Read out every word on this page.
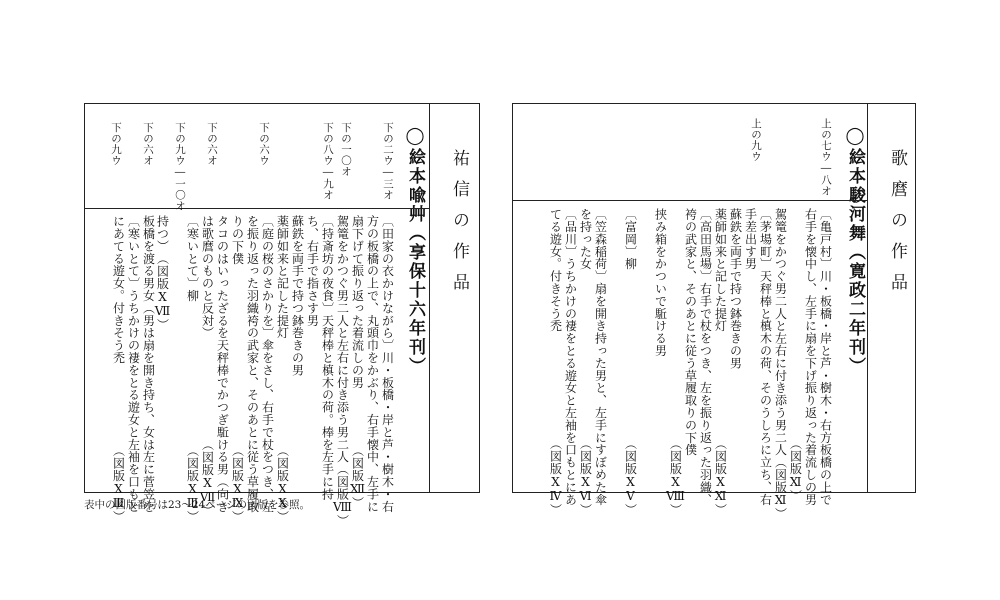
祐信の作品
◯絵本喩艸（享保十六年刊）
下の二ウ―三オ
下の一〇オ
下の八ウ―九オ
下の六ウ
下の六オ
下の九ウ―一〇オ
下の六オ
下の九ウ
〔田家の衣かけながら〕川・板橋・岸と芦・樹木・右
方の板橋の上で、丸頭巾をかぶり、右手懐中、左手に
扇下げて振り返った着流しの男　　　　　（図版Ⅻ）
駕篭をかつぐ男二人と左右に付き添う男二人（図版Ⅷ）
〔持斎坊の夜食〕天秤棒と槙木の荷。棒を左手に持
ち、右手で指さす男
蘇鉄を両手で持つ鉢巻きの男
薬師如来と記した提灯　　　　　　　　　（図版ⅩⅩ）
〔庭の桜のさかりを〕傘をさし、右手で杖をつき、左
を振り返った羽織袴の武家と、そのあとに従う草履取
りの下僕　　　　　　　　　　　　　　　（図版ⅩⅨ）
タコのはいったざるを天秤棒でかつぎ駈ける男（向き
は歌麿のものと反対）　　　　　　　　　（図版ⅩⅦ）
〔寒いとて〕柳　　　　　　　　　　　　（図版ⅩⅢ）
板橋を渡る男女（男は扇を開き持ち、女は左に菅笠を
〔寒いとて〕うちかけの褄をとる遊女と左袖を口もと
にあてる遊女。付きそう禿　　　　　　　（図版ⅩⅢ）	持つ）　（図版ⅩⅦ）	歌麿の作品
◯絵本駿河舞（寛政二年刊）
上の七ウ―八オ
上の九ウ
〔亀戸村〕川・板橋・岸と芦・樹木・右方板橋の上で
右手を懐中し、左手に扇を下げ振り返った着流しの男
　　　　　　　　　　　　　　　　　　　（図版Ⅺ）
駕篭をかつぐ男二人と左右に付き添う男二人（図版Ⅺ）
〔茅場町〕天秤棒と槙木の荷、そのうしろに立ち、右
手差出す男
蘇鉄を両手で持つ鉢巻きの男
薬師如来と記した提灯　　　　　　　　　（図版ⅩⅪ）
〔高田馬場〕右手で杖をつき、左を振り返った羽織、
袴の武家と、そのあとに従う草履取りの下僕
　　　　　　　　　　　　　　　　　　　（図版ⅩⅧ）
挟み箱をかついで駈ける男
〔富岡〕柳　　　　　　　　　　　　　　（図版ⅩⅤ）
〔笠森稲荷〕扇を開き持った男と、左手にすぼめた傘
を持った女　　　　　　　　　　　　　　（図版ⅩⅥ）
〔品川〕うちかけの褄をとる遊女と左袖を口もとにあ
てる遊女。付きそう禿　　　　　　　　　（図版ⅩⅣ）
表中の図版番号は23～24ページの図版を参照。
